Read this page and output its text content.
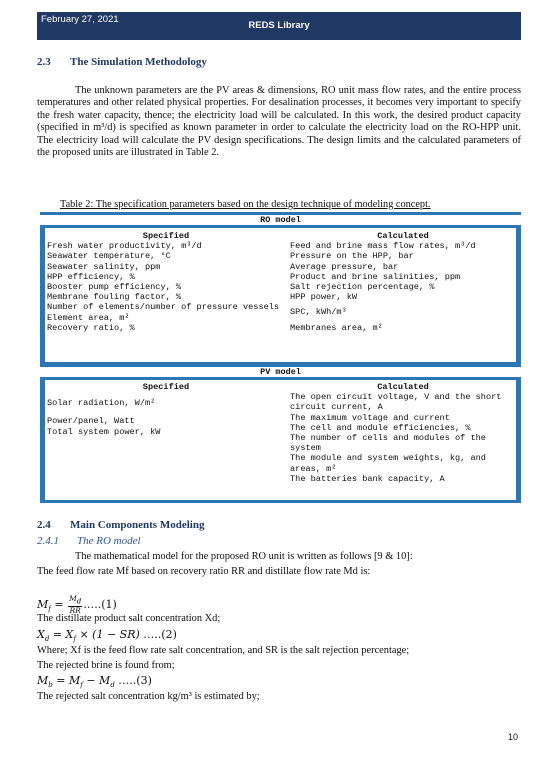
February 27, 2021
REDS Library
2.3 The Simulation Methodology

The unknown parameters are the PV areas & dimensions, RO unit mass flow rates, and the entire process temperatures and other related physical properties. For desalination processes, it becomes very important to specify the fresh water capacity, thence; the electricity load will be calculated. In this work, the desired product capacity (specified in m³/d) is specified as known parameter in order to calculate the electricity load on the RO-HPP unit. The electricity load will calculate the PV design specifications. The design limits and the calculated parameters of the proposed units are illustrated in Table 2.

Table 2: The specification parameters based on the design technique of modeling concept.
RO model
Specified
Fresh water productivity, m³/d
Seawater temperature, °C
Seawater salinity, ppm
HPP efficiency, %
Booster pump efficiency, %
Membrane fouling factor, %
Number of elements/number of pressure vessels
Element area, m²
Recovery ratio, %
Calculated
Feed and brine mass flow rates, m³/d
Pressure on the HPP, bar
Average pressure, bar
Product and brine salinities, ppm
Salt rejection percentage, %
HPP power, kW
SPC, kWh/m³
Membranes area, m²
PV model
Specified
Solar radiation, W/m²
Power/panel, Watt
Total system power, kW
Calculated
The open circuit voltage, V and the short circuit current, A
The maximum voltage and current
The cell and module efficiencies, %
The number of cells and modules of the system
The module and system weights, kg, and areas, m²
The batteries bank capacity, A
2.4 Main Components Modeling
2.4.1 The RO model
The mathematical model for the proposed RO unit is written as follows [9 & 10]:
The feed flow rate Mf based on recovery ratio RR and distillate flow rate Md is:
$M_f = \frac{M_d}{RR}$ …..(1)
The distillate product salt concentration Xd;
$X_d = X_f \times (1 - SR)$ …..(2)
Where; Xf is the feed flow rate salt concentration, and SR is the salt rejection percentage;
The rejected brine is found from;
$M_b = M_f - M_d$ …..(3)
The rejected salt concentration kg/m³ is estimated by;
10
